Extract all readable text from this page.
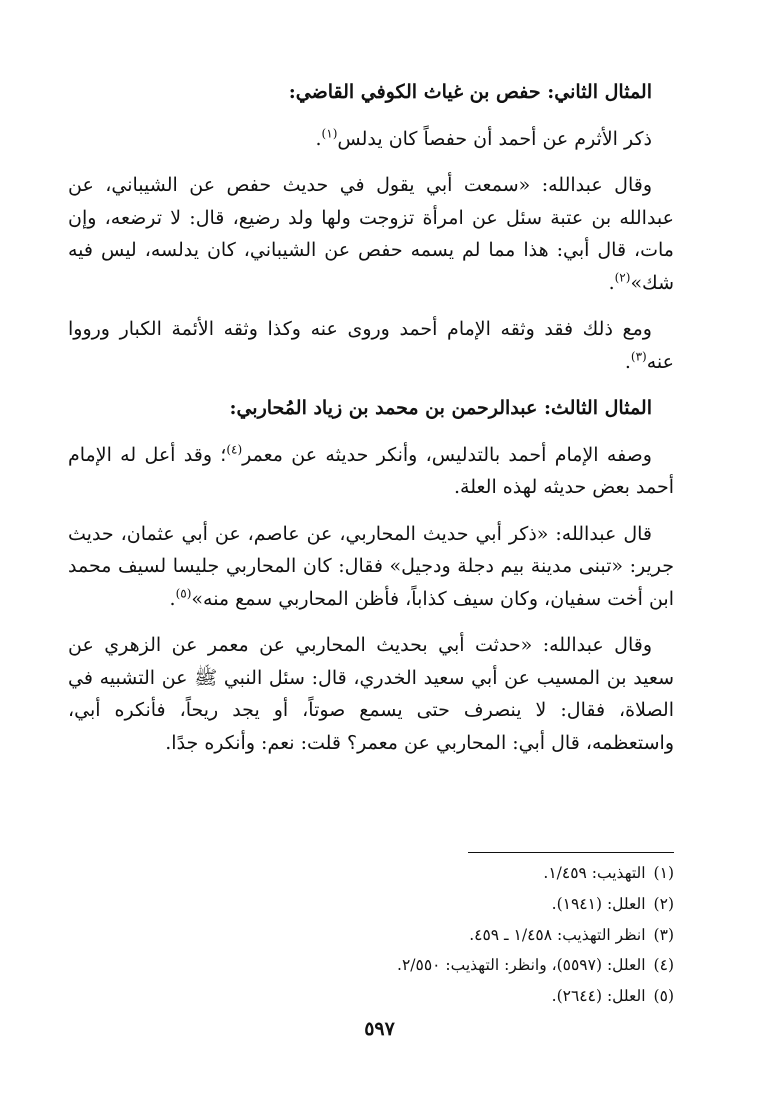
المثال الثاني: حفص بن غياث الكوفي القاضي:

ذكر الأثرم عن أحمد أن حفصاً كان يدلس$^{(١)}$.

وقال عبدالله: «سمعت أبي يقول في حديث حفص عن الشيباني، عن عبدالله بن عتبة سئل عن امرأة تزوجت ولها ولد رضيع، قال: لا ترضعه، وإن مات، قال أبي: هذا مما لم يسمه حفص عن الشيباني، كان يدلسه، ليس فيه شك»$^{(٢)}$.

ومع ذلك فقد وثقه الإمام أحمد وروى عنه وكذا وثقه الأئمة الكبار ورووا عنه$^{(٣)}$.

المثال الثالث: عبدالرحمن بن محمد بن زياد المُحاربي:

وصفه الإمام أحمد بالتدليس، وأنكر حديثه عن معمر$^{(٤)}$؛ وقد أعل له الإمام أحمد بعض حديثه لهذه العلة.

قال عبدالله: «ذكر أبي حديث المحاربي، عن عاصم، عن أبي عثمان، حديث جرير: «تبنى مدينة بيم دجلة ودجيل» فقال: كان المحاربي جليسا لسيف محمد ابن أخت سفيان، وكان سيف كذاباً، فأظن المحاربي سمع منه»$^{(٥)}$.

وقال عبدالله: «حدثت أبي بحديث المحاربي عن معمر عن الزهري عن سعيد بن المسيب عن أبي سعيد الخدري، قال: سئل النبي ﷺ عن التشبيه في الصلاة، فقال: لا ينصرف حتى يسمع صوتاً، أو يجد ريحاً، فأنكره أبي، واستعظمه، قال أبي: المحاربي عن معمر؟ قلت: نعم: وأنكره جدًا.

(١)التهذيب: ١/٤٥٩.
(٢)العلل: (١٩٤١).
(٣)انظر التهذيب: ١/٤٥٨ ـ ٤٥٩.
(٤)العلل: (٥٥٩٧)، وانظر: التهذيب: ٢/٥٥٠.
(٥)العلل: (٢٦٤٤).
٥٩٧
